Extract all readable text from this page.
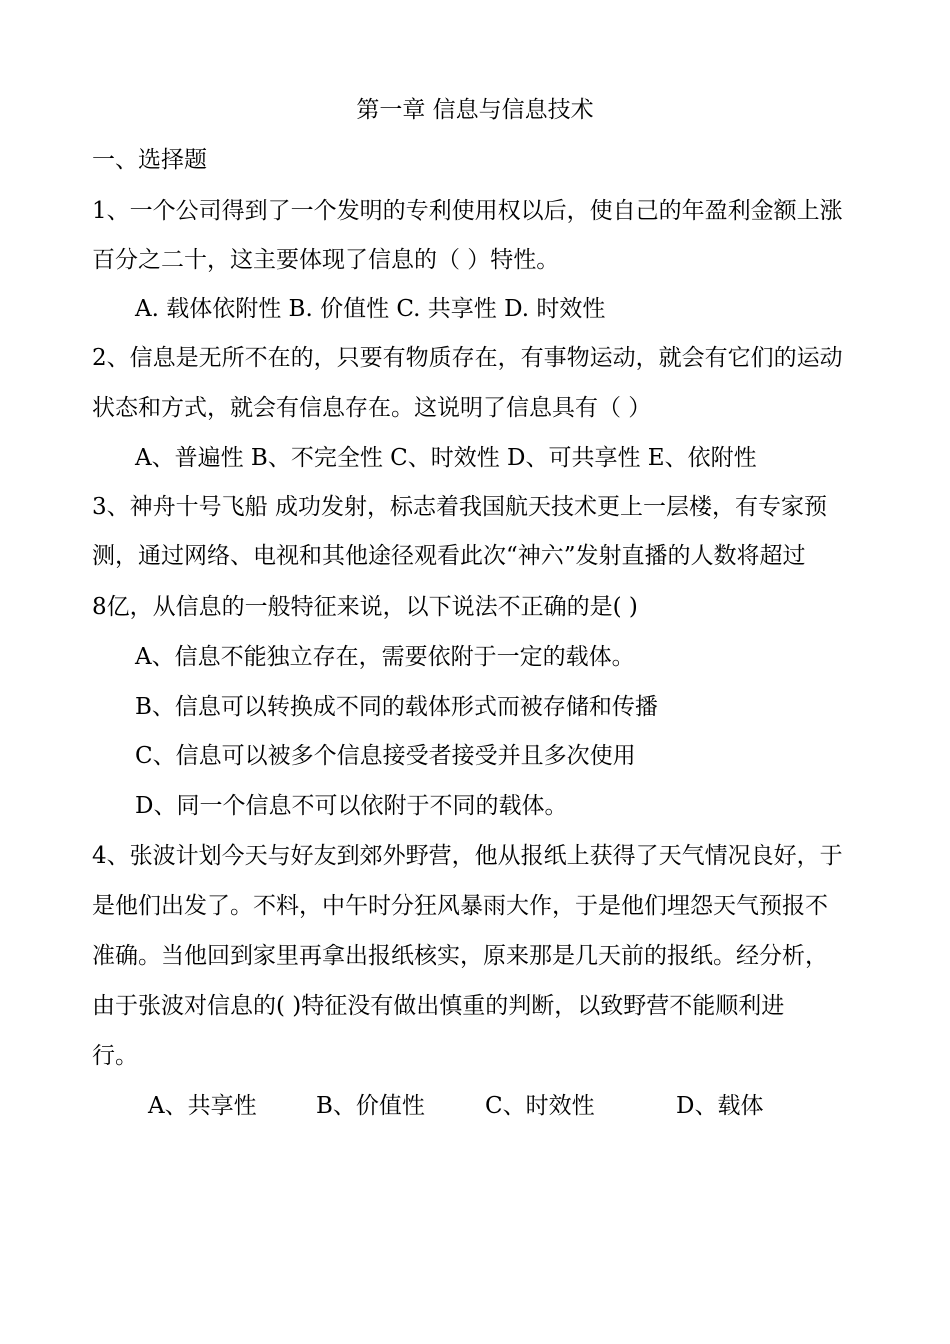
第一章 信息与信息技术
一、选择题
1、一个公司得到了一个发明的专利使用权以后，使自己的年盈利金额上涨
百分之二十，这主要体现了信息的（ ）特性。
A. 载体依附性 B. 价值性 C. 共享性 D. 时效性
2、信息是无所不在的，只要有物质存在，有事物运动，就会有它们的运动
状态和方式，就会有信息存在。这说明了信息具有（ ）
A、普遍性 B、不完全性 C、时效性 D、可共享性 E、依附性
3、神舟十号飞船 成功发射，标志着我国航天技术更上一层楼，有专家预
测，通过网络、电视和其他途径观看此次“神六”发射直播的人数将超过
8亿，从信息的一般特征来说，以下说法不正确的是( )
A、信息不能独立存在，需要依附于一定的载体。
B、信息可以转换成不同的载体形式而被存储和传播
C、信息可以被多个信息接受者接受并且多次使用
D、同一个信息不可以依附于不同的载体。
4、张波计划今天与好友到郊外野营，他从报纸上获得了天气情况良好，于
是他们出发了。不料，中午时分狂风暴雨大作，于是他们埋怨天气预报不
准确。当他回到家里再拿出报纸核实，原来那是几天前的报纸。经分析，
由于张波对信息的( )特征没有做出慎重的判断，以致野营不能顺利进
行。
A、共享性	B、价值性	C、时效性	D、载体
